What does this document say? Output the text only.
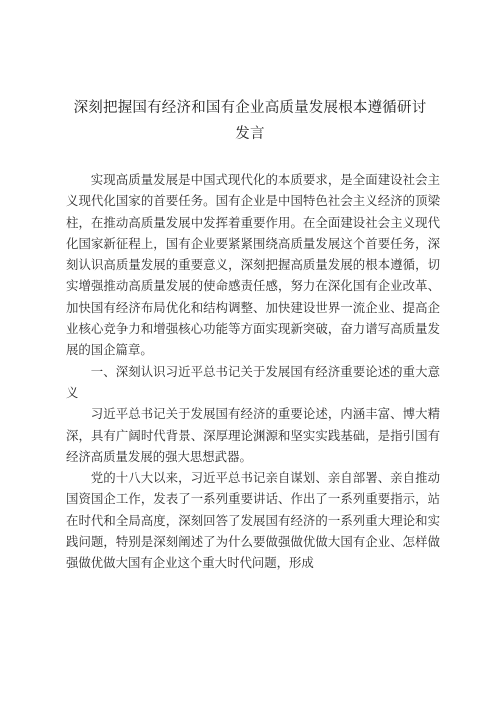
深刻把握国有经济和国有企业高质量发展根本遵循研讨
发言

实现高质量发展是中国式现代化的本质要求，是全面建设社会主义现代化国家的首要任务。国有企业是中国特色社会主义经济的顶梁柱，在推动高质量发展中发挥着重要作用。在全面建设社会主义现代化国家新征程上，国有企业要紧紧围绕高质量发展这个首要任务，深刻认识高质量发展的重要意义，深刻把握高质量发展的根本遵循，切实增强推动高质量发展的使命感责任感，努力在深化国有企业改革、加快国有经济布局优化和结构调整、加快建设世界一流企业、提高企业核心竞争力和增强核心功能等方面实现新突破，奋力谱写高质量发展的国企篇章。

一、深刻认识习近平总书记关于发展国有经济重要论述的重大意义

习近平总书记关于发展国有经济的重要论述，内涵丰富、博大精深，具有广阔时代背景、深厚理论渊源和坚实实践基础，是指引国有经济高质量发展的强大思想武器。

党的十八大以来，习近平总书记亲自谋划、亲自部署、亲自推动国资国企工作，发表了一系列重要讲话、作出了一系列重要指示，站在时代和全局高度，深刻回答了发展国有经济的一系列重大理论和实践问题，特别是深刻阐述了为什么要做强做优做大国有企业、怎样做强做优做大国有企业这个重大时代问题，形成
